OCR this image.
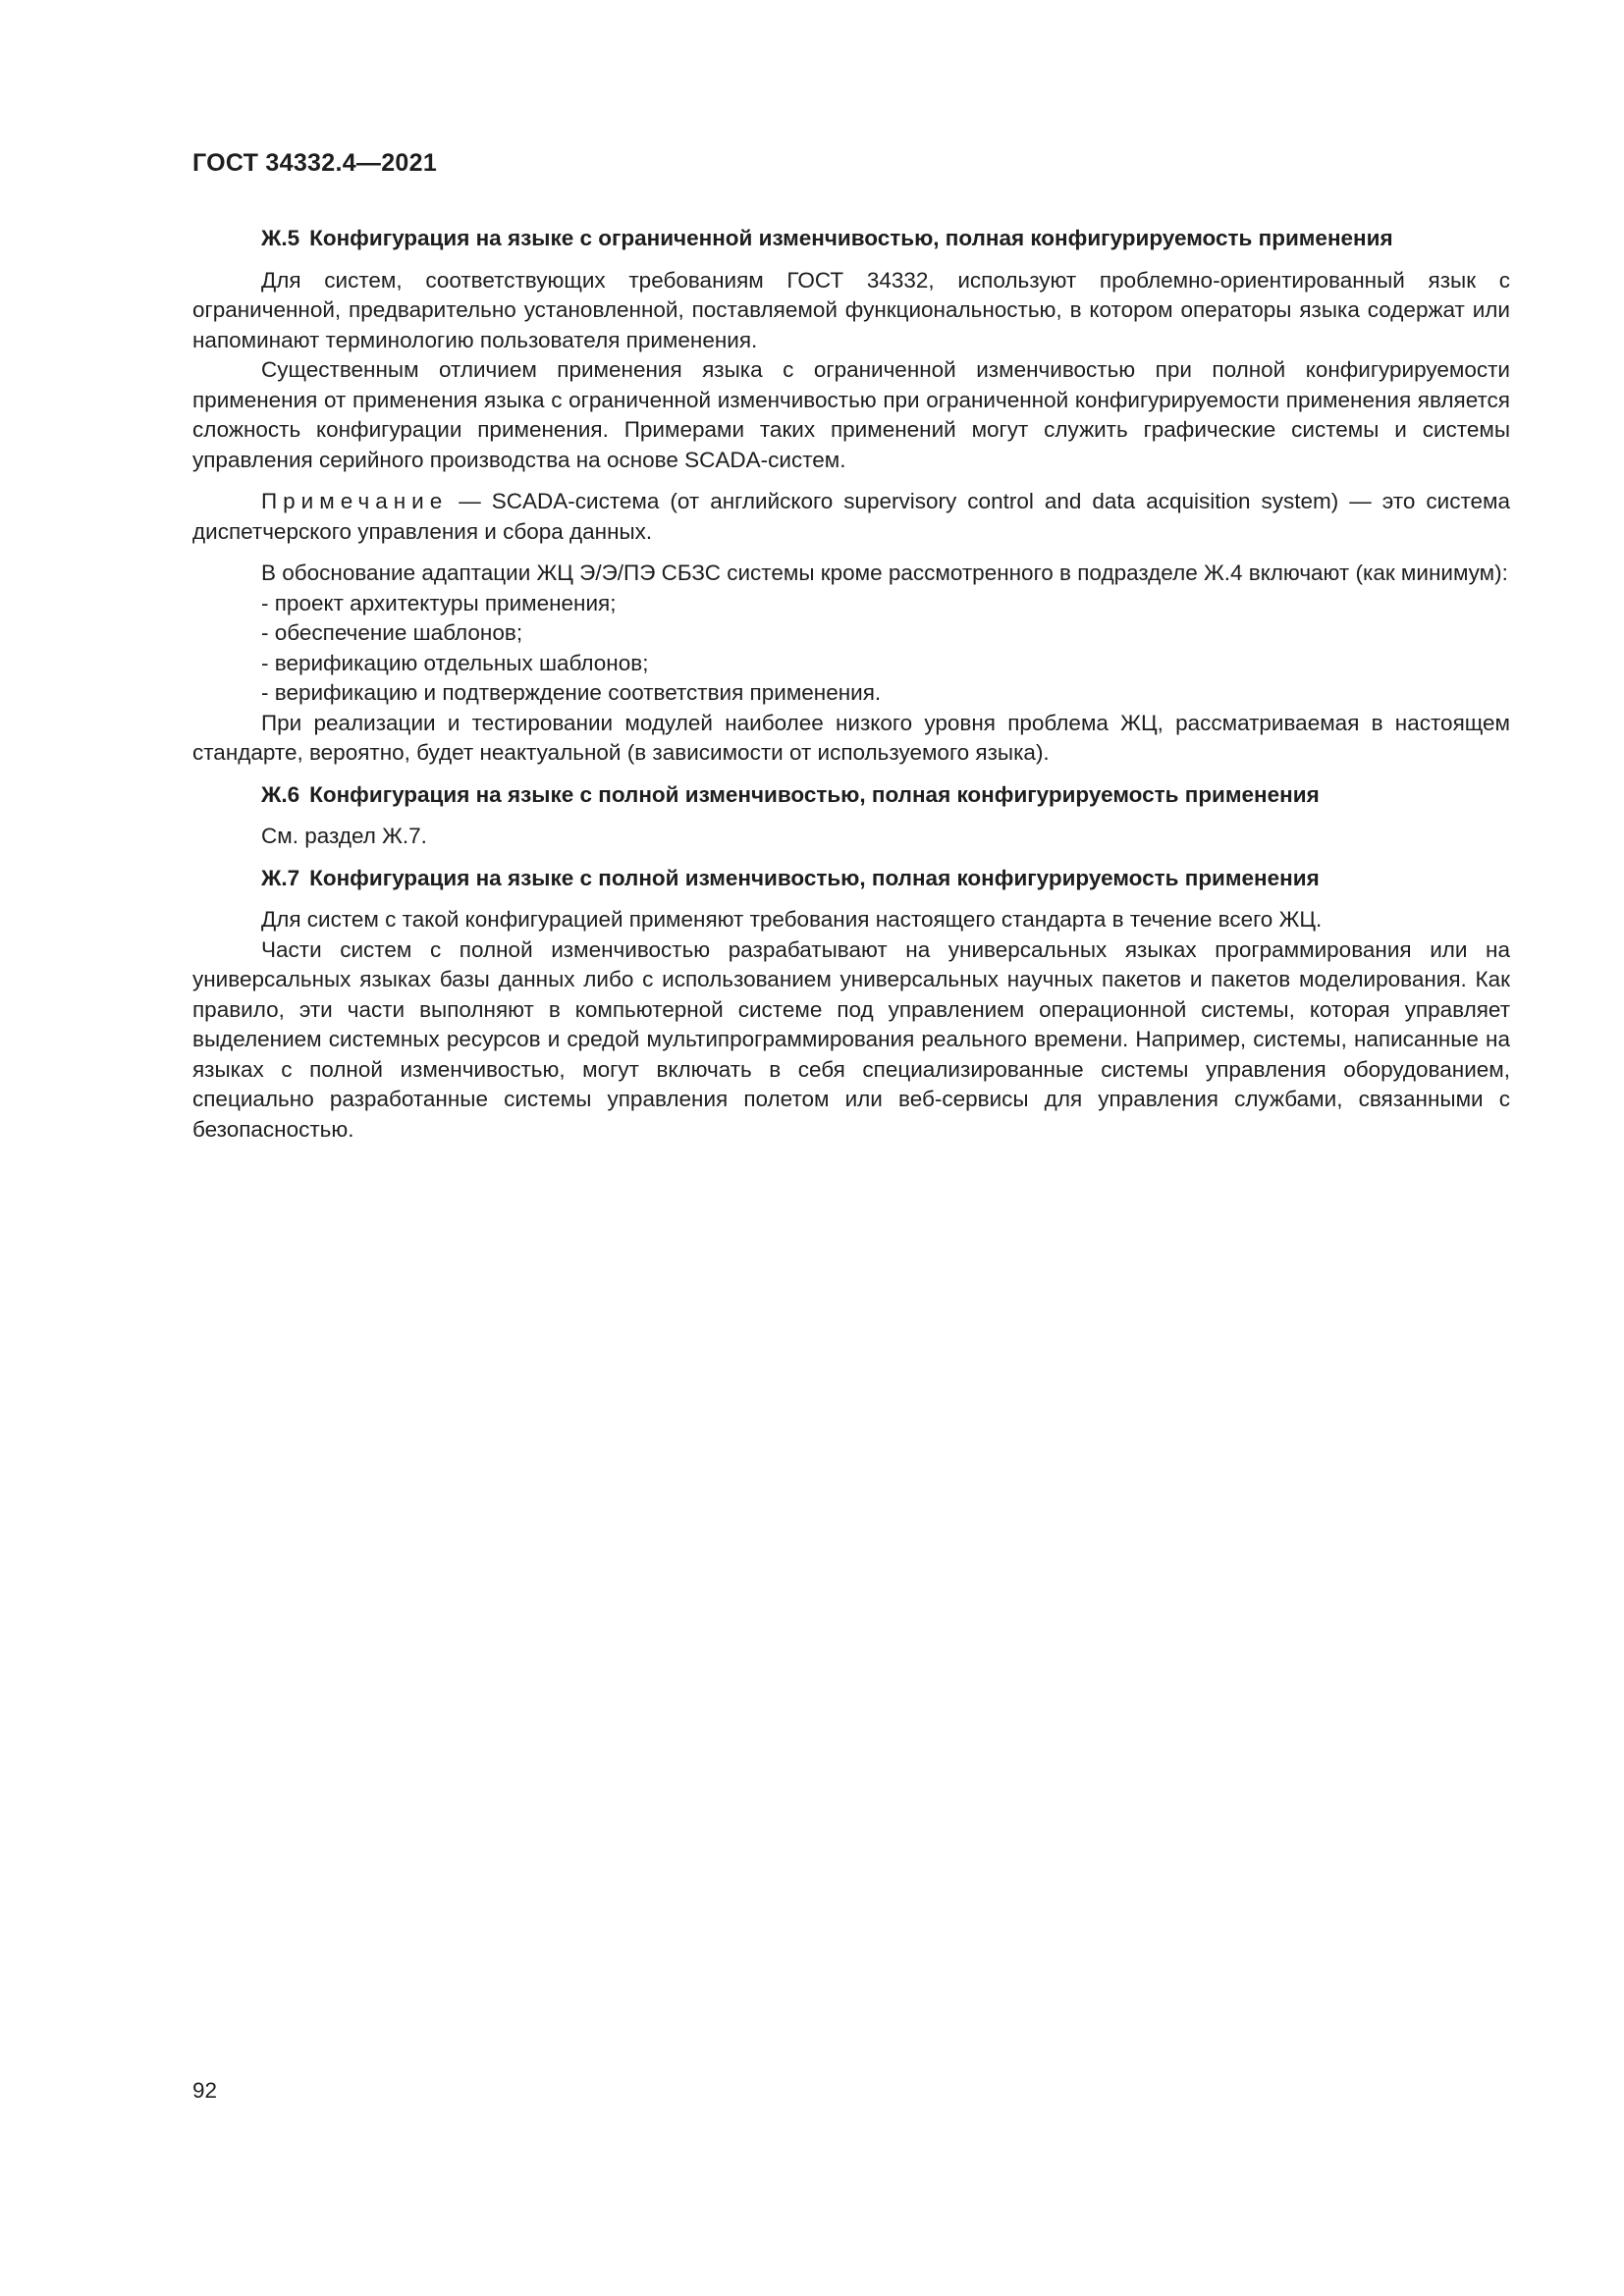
ГОСТ 34332.4—2021

Ж.5 Конфигурация на языке с ограниченной изменчивостью, полная конфигурируемость применения

Для систем, соответствующих требованиям ГОСТ 34332, используют проблемно-ориентированный язык с ограниченной, предварительно установленной, поставляемой функциональностью, в котором операторы языка содержат или напоминают терминологию пользователя применения.

Существенным отличием применения языка с ограниченной изменчивостью при полной конфигурируемости применения от применения языка с ограниченной изменчивостью при ограниченной конфигурируемости применения является сложность конфигурации применения. Примерами таких применений могут служить графические системы и системы управления серийного производства на основе SCADA-систем.

Примечание — SCADA-система (от английского supervisory control and data acquisition system) — это система диспетчерского управления и сбора данных.

В обоснование адаптации ЖЦ Э/Э/ПЭ СБЗС системы кроме рассмотренного в подразделе Ж.4 включают (как минимум):

- проект архитектуры применения;
- обеспечение шаблонов;
- верификацию отдельных шаблонов;
- верификацию и подтверждение соответствия применения.

При реализации и тестировании модулей наиболее низкого уровня проблема ЖЦ, рассматриваемая в настоящем стандарте, вероятно, будет неактуальной (в зависимости от используемого языка).

Ж.6 Конфигурация на языке с полной изменчивостью, полная конфигурируемость применения

См. раздел Ж.7.

Ж.7 Конфигурация на языке с полной изменчивостью, полная конфигурируемость применения

Для систем с такой конфигурацией применяют требования настоящего стандарта в течение всего ЖЦ.

Части систем с полной изменчивостью разрабатывают на универсальных языках программирования или на универсальных языках базы данных либо с использованием универсальных научных пакетов и пакетов моделирования. Как правило, эти части выполняют в компьютерной системе под управлением операционной системы, которая управляет выделением системных ресурсов и средой мультипрограммирования реального времени. Например, системы, написанные на языках с полной изменчивостью, могут включать в себя специализированные системы управления оборудованием, специально разработанные системы управления полетом или веб-сервисы для управления службами, связанными с безопасностью.

92
